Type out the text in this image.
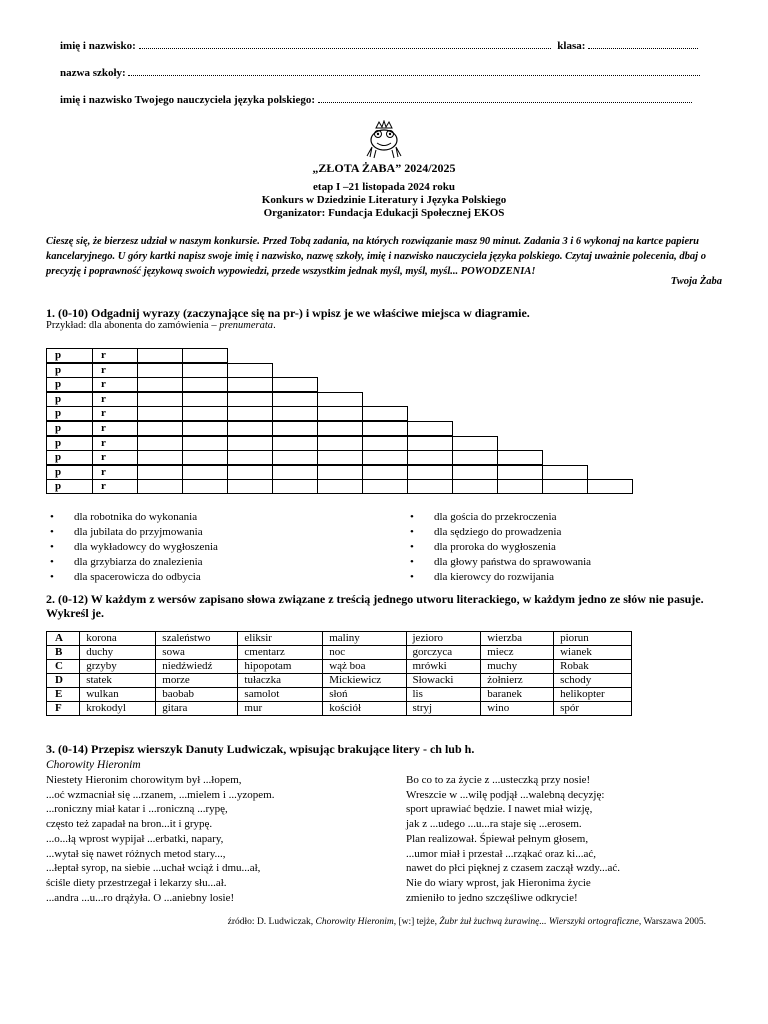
imię i nazwisko:	klasa:
nazwa szkoły:
imię i nazwisko Twojego nauczyciela języka polskiego:
„ZŁOTA ŻABA” 2024/2025
etap I –21 listopada 2024 roku
Konkurs w Dziedzinie Literatury i Języka Polskiego
Organizator: Fundacja Edukacji Społecznej EKOS
Cieszę się, że bierzesz udział w naszym konkursie. Przed Tobą zadania, na których rozwiązanie masz 90 minut. Zadania 3 i 6 wykonaj na kartce papieru kancelaryjnego. U góry kartki napisz swoje imię i nazwisko, nazwę szkoły, imię i nazwisko nauczyciela języka polskiego. Czytaj uważnie polecenia, dbaj o precyzję i poprawność językową swoich wypowiedzi, przede wszystkim jednak myśl, myśl, myśl... POWODZENIA!
Twoja Żaba
1. (0-10) Odgadnij wyrazy (zaczynające się na pr-) i wpisz je we właściwe miejsca w diagramie.
Przykład: dla abonenta do zamówienia – prenumerata.
p	r
p	r
p	r
p	r
p	r
p	r
p	r
p	r
p	r
p	r
• dla robotnika do wykonania
• dla jubilata do przyjmowania
• dla wykładowcy do wygłoszenia
• dla grzybiarza do znalezienia
• dla spacerowicza do odbycia
• dla gościa do przekroczenia
• dla sędziego do prowadzenia
• dla proroka do wygłoszenia
• dla głowy państwa do sprawowania
• dla kierowcy do rozwijania
2. (0-12) W każdym z wersów zapisano słowa związane z treścią jednego utworu literackiego, w każdym jedno ze słów nie pasuje. Wykreśl je.
A	korona	szaleństwo	eliksir	maliny	jezioro	wierzba	piorun
B	duchy	sowa	cmentarz	noc	gorczyca	miecz	wianek
C	grzyby	niedźwiedź	hipopotam	wąż boa	mrówki	muchy	Robak
D	statek	morze	tułaczka	Mickiewicz	Słowacki	żołnierz	schody
E	wulkan	baobab	samolot	słoń	lis	baranek	helikopter
F	krokodyl	gitara	mur	kościół	stryj	wino	spór
3. (0-14) Przepisz wierszyk Danuty Ludwiczak, wpisując brakujące litery - ch lub h.
Chorowity Hieronim
Niestety Hieronim chorowitym był ...łopem,
...oć wzmacniał się ...rzanem, ...mielem i ...yzopem.
...roniczny miał katar i ...roniczną ...rypę,
często też zapadał na bron...it i grypę.
...o...łą wprost wypijał ...erbatki, napary,
...wytał się nawet różnych metod stary...,
...łeptał syrop, na siebie ...uchał wciąż i dmu...ał,
ściśle diety przestrzegał i lekarzy słu...ał.
...andra ...u...ro drążyła. O ...aniebny losie!
Bo co to za życie z ...usteczką przy nosie!
Wreszcie w ...wilę podjął ...walebną decyzję:
sport uprawiać będzie. I nawet miał wizję,
jak z ...udego ...u...ra staje się ...erosem.
Plan realizował. Śpiewał pełnym głosem,
...umor miał i przestał ...rząkać oraz ki...ać,
nawet do płci pięknej z czasem zaczął wzdy...ać.
Nie do wiary wprost, jak Hieronima życie
zmieniło to jedno szczęśliwe odkrycie!
źródło: D. Ludwiczak, Chorowity Hieronim, [w:] tejże, Żubr żuł żuchwą żurawinę... Wierszyki ortograficzne, Warszawa 2005.
